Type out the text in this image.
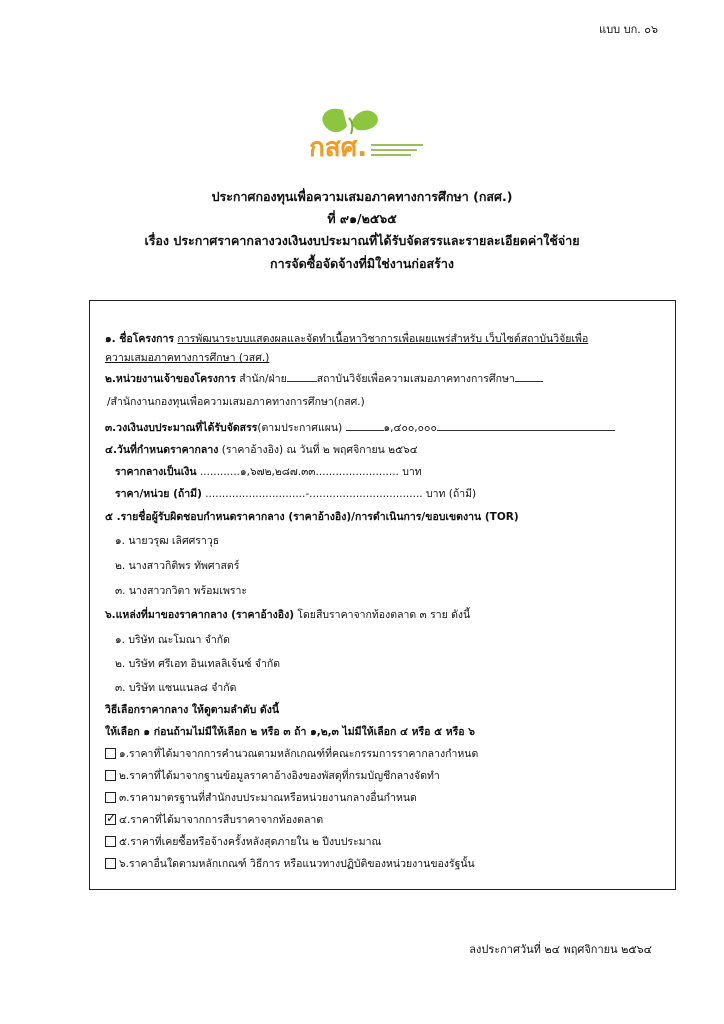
แบบ บก. ๐๖
กสศ.
ประกาศกองทุนเพื่อความเสมอภาคทางการศึกษา (กสศ.)
ที่ ๙๑/๒๕๖๕
เรื่อง ประกาศราคากลางวงเงินงบประมาณที่ได้รับจัดสรรและรายละเอียดค่าใช้จ่าย
การจัดซื้อจัดจ้างที่มิใช่งานก่อสร้าง
๑. ชื่อโครงการ การพัฒนาระบบแสดงผลและจัดทำเนื้อหาวิชาการเพื่อเผยแพร่สำหรับ เว็บไซต์สถาบันวิจัยเพื่อ
ความเสมอภาคทางการศึกษา (วสศ.)
๒.หน่วยงานเจ้าของโครงการ สำนัก/ฝ่าย	สถาบันวิจัยเพื่อความเสมอภาคทางการศึกษา
/สำนักงานกองทุนเพื่อความเสมอภาคทางการศึกษา(กสศ.)
๓.วงเงินงบประมาณที่ได้รับจัดสรร(ตามประกาศแผน)	๑,๔๐๐,๐๐๐
๔.วันที่กำหนดราคากลาง (ราคาอ้างอิง) ณ วันที่ ๒ พฤศจิกายน ๒๕๖๔
ราคากลางเป็นเงิน ............๑,๖๗๒,๒๘๗.๓๓......................... บาท
ราคา/หน่วย (ถ้ามี) ..............................-.................................. บาท (ถ้ามี)
๕ .รายชื่อผู้รับผิดชอบกำหนดราคากลาง (ราคาอ้างอิง)/การดำเนินการ/ขอบเขตงาน (TOR)
๑. นายวรุฒ เลิศศราวุธ
๒. นางสาวกิติพร ทัพศาสตร์
๓. นางสาวกวิตา พร้อมเพราะ
๖.แหล่งที่มาของราคากลาง (ราคาอ้างอิง) โดยสืบราคาจากท้องตลาด ๓ ราย ดังนี้
๑. บริษัท ณะโมณา จำกัด
๒. บริษัท ศรีเอท อินเทลลิเจ้นซ์ จำกัด
๓. บริษัท แซนแนล๘ จำกัด
วิธีเลือกราคากลาง ให้ดูตามลำดับ ดังนี้
ให้เลือก ๑ ก่อนถ้ามไม่มีให้เลือก ๒ หรือ ๓ ถ้า ๑,๒,๓ ไม่มีให้เลือก ๔ หรือ ๕ หรือ ๖
๑.ราคาที่ได้มาจากการคำนวณตามหลักเกณฑ์ที่คณะกรรมการราคากลางกำหนด
๒.ราคาที่ได้มาจากฐานข้อมูลราคาอ้างอิงของพัสดุที่กรมบัญชีกลางจัดทำ
๓.ราคามาตรฐานที่สำนักงบประมาณหรือหน่วยงานกลางอื่นกำหนด
✓๔.ราคาที่ได้มาจากการสืบราคาจากท้องตลาด
๕.ราคาที่เคยซื้อหรือจ้างครั้งหลังสุดภายใน ๒ ปีงบประมาณ
๖.ราคาอื่นใดตามหลักเกณฑ์ วิธีการ หรือแนวทางปฏิบัติของหน่วยงานของรัฐนั้น
ลงประกาศวันที่ ๒๔ พฤศจิกายน ๒๕๖๔
